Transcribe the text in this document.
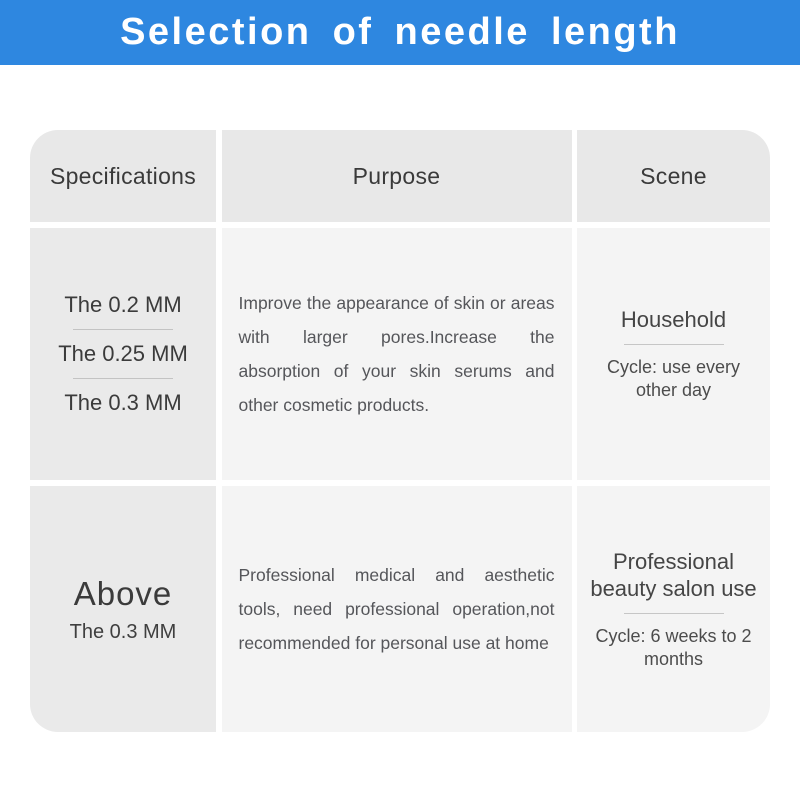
Selection of needle length
Specifications	Purpose	Scene
The 0.2 MM
The 0.25 MM
The 0.3 MM

Improve the appearance of skin or areas with larger pores.Increase the absorption of your skin serums and other cosmetic products.

Household
Cycle: use every other day
Above
The 0.3 MM

Professional medical and aesthetic tools, need professional operation,not recommended for personal use at home

Professional beauty salon use
Cycle: 6 weeks to 2 months
